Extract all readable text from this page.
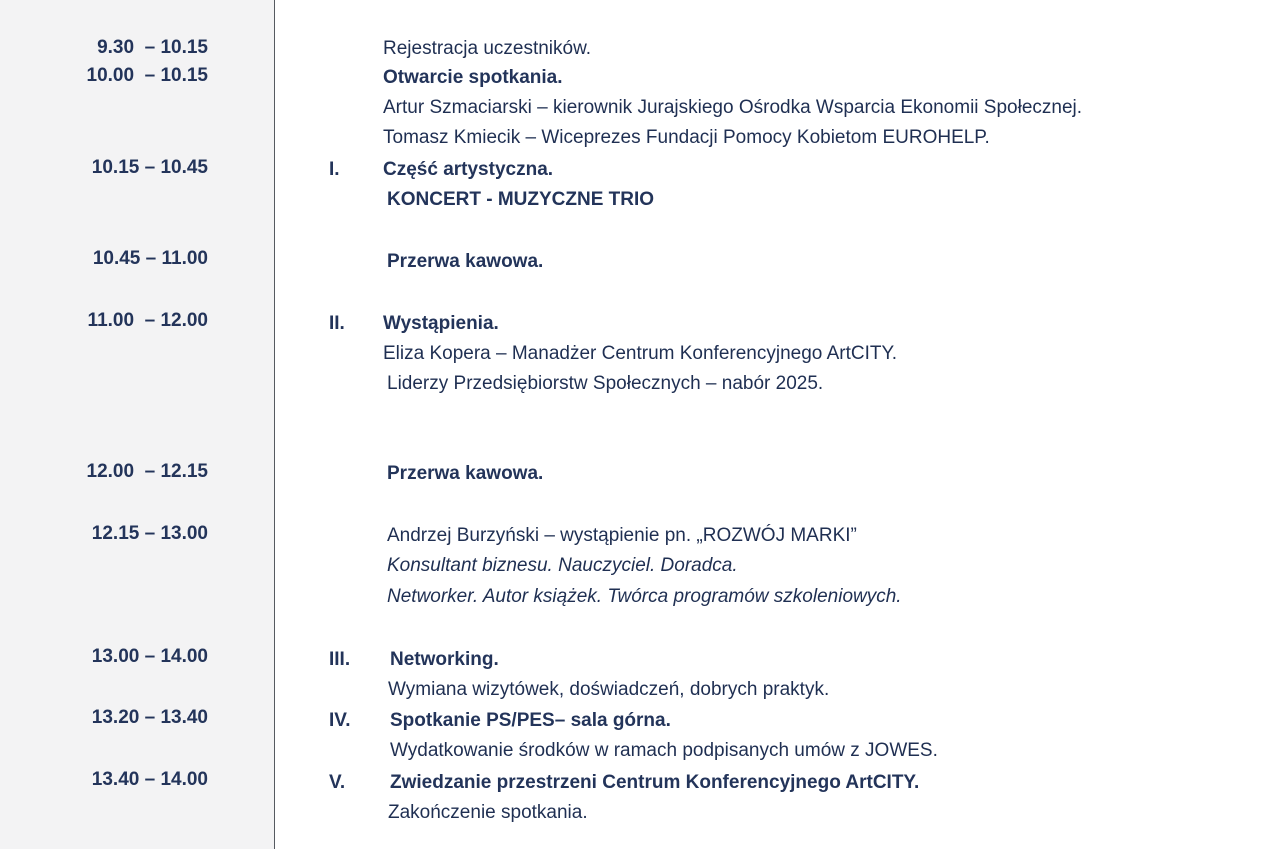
9.30  – 10.15
10.00  – 10.15
10.15 – 10.45
10.45 – 11.00
11.00  – 12.00
12.00  – 12.15
12.15 – 13.00
13.00 – 14.00
13.20 – 13.40
13.40 – 14.00
I.
II.
III.
IV.
V.
Rejestracja uczestników.
Otwarcie spotkania.
Artur Szmaciarski – kierownik Jurajskiego Ośrodka Wsparcia Ekonomii Społecznej.
Tomasz Kmiecik – Wiceprezes Fundacji Pomocy Kobietom EUROHELP.
Część artystyczna.
KONCERT - MUZYCZNE TRIO
Przerwa kawowa.
Wystąpienia.
Eliza Kopera – Manadżer Centrum Konferencyjnego ArtCITY.
Liderzy Przedsiębiorstw Społecznych – nabór 2025.
Przerwa kawowa.
Andrzej Burzyński – wystąpienie pn. „ROZWÓJ MARKI”
Konsultant biznesu. Nauczyciel. Doradca.
Networker. Autor książek. Twórca programów szkoleniowych.
Networking.
Wymiana wizytówek, doświadczeń, dobrych praktyk.
Spotkanie PS/PES– sala górna.
Wydatkowanie środków w ramach podpisanych umów z JOWES.
Zwiedzanie przestrzeni Centrum Konferencyjnego ArtCITY.
Zakończenie spotkania.
